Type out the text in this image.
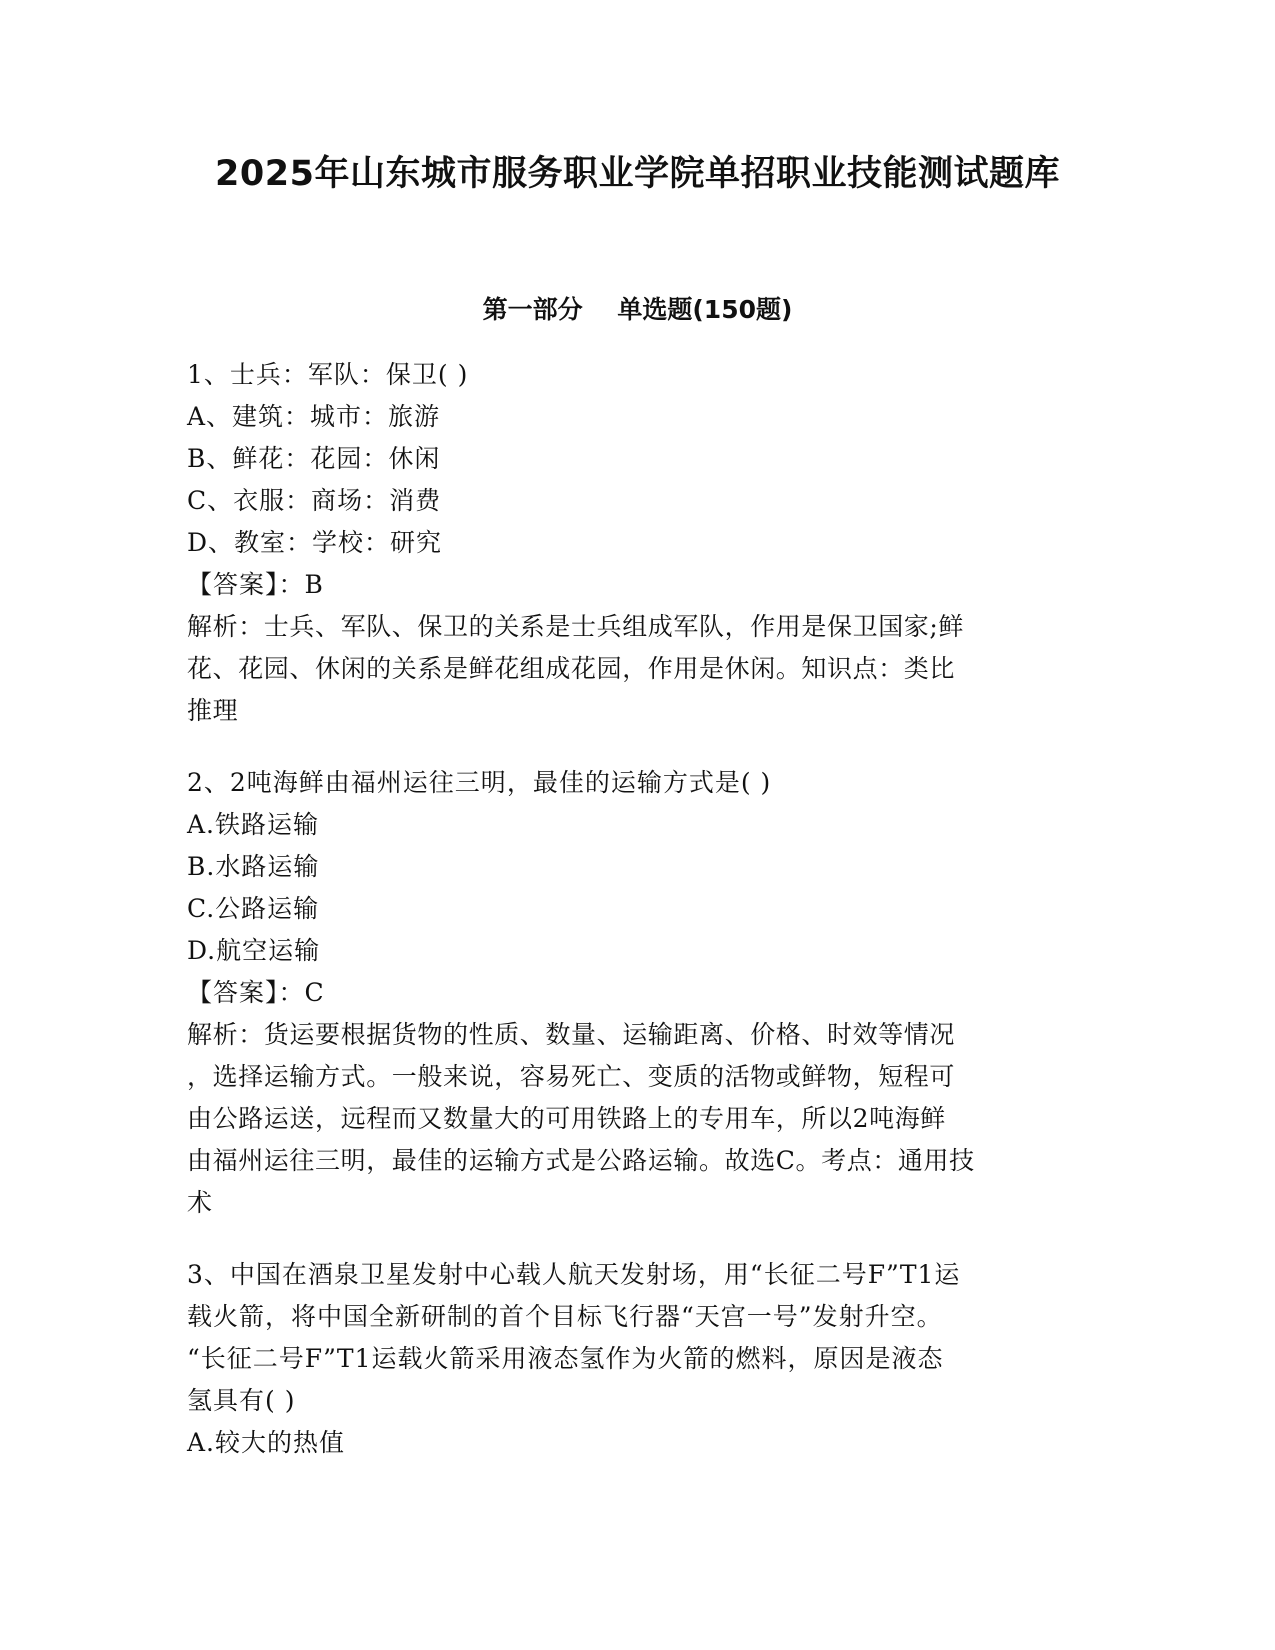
2025年山东城市服务职业学院单招职业技能测试题库
第一部分    单选题(150题)
1、士兵：军队：保卫( )
A、建筑：城市：旅游
B、鲜花：花园：休闲
C、衣服：商场：消费
D、教室：学校：研究
【答案】：B
解析：士兵、军队、保卫的关系是士兵组成军队，作用是保卫国家;鲜
花、花园、休闲的关系是鲜花组成花园，作用是休闲。知识点：类比
推理
2、2吨海鲜由福州运往三明，最佳的运输方式是( )
A.铁路运输
B.水路运输
C.公路运输
D.航空运输
【答案】：C
解析：货运要根据货物的性质、数量、运输距离、价格、时效等情况
，选择运输方式。一般来说，容易死亡、变质的活物或鲜物，短程可
由公路运送，远程而又数量大的可用铁路上的专用车，所以2吨海鲜
由福州运往三明，最佳的运输方式是公路运输。故选C。考点：通用技
术
3、中国在酒泉卫星发射中心载人航天发射场，用“长征二号F”T1运
载火箭，将中国全新研制的首个目标飞行器“天宫一号”发射升空。
“长征二号F”T1运载火箭采用液态氢作为火箭的燃料，原因是液态
氢具有( )
A.较大的热值
